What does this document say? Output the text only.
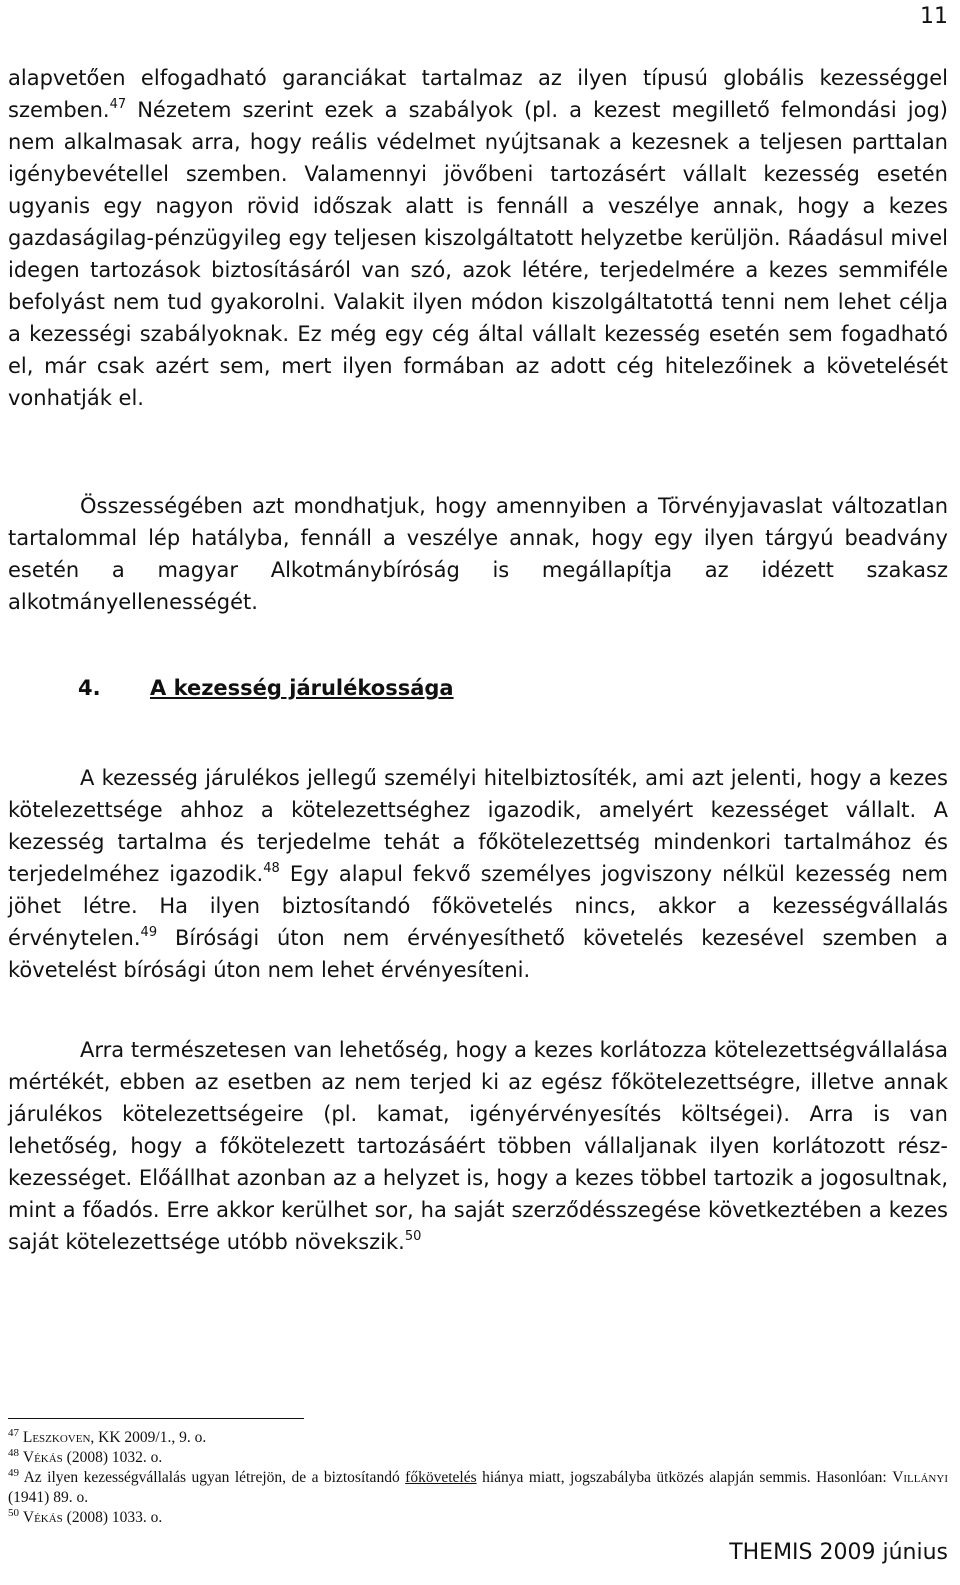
11

alapvetően elfogadható garanciákat tartalmaz az ilyen típusú globális kezességgel szemben.$^{47}$ Nézetem szerint ezek a szabályok (pl. a kezest megillető felmondási jog) nem alkalmasak arra, hogy reális védelmet nyújtsanak a kezesnek a teljesen parttalan igénybevétellel szemben. Valamennyi jövőbeni tartozásért vállalt kezesség esetén ugyanis egy nagyon rövid időszak alatt is fennáll a veszélye annak, hogy a kezes gazdaságilag-pénzügyileg egy teljesen kiszolgáltatott helyzetbe kerüljön. Ráadásul mivel idegen tartozások biztosításáról van szó, azok létére, terjedelmére a kezes semmiféle befolyást nem tud gyakorolni. Valakit ilyen módon kiszolgáltatottá tenni nem lehet célja a kezességi szabályoknak. Ez még egy cég által vállalt kezesség esetén sem fogadható el, már csak azért sem, mert ilyen formában az adott cég hitelezőinek a követelését vonhatják el.

Összességében azt mondhatjuk, hogy amennyiben a Törvényjavaslat változatlan tartalommal lép hatályba, fennáll a veszélye annak, hogy egy ilyen tárgyú beadvány esetén a magyar Alkotmánybíróság is megállapítja az idézett szakasz alkotmányellenességét.

4. A kezesség járulékossága

A kezesség járulékos jellegű személyi hitelbiztosíték, ami azt jelenti, hogy a kezes kötelezettsége ahhoz a kötelezettséghez igazodik, amelyért kezességet vállalt. A kezesség tartalma és terjedelme tehát a főkötelezettség mindenkori tartalmához és terjedelméhez igazodik.$^{48}$ Egy alapul fekvő személyes jogviszony nélkül kezesség nem jöhet létre. Ha ilyen biztosítandó főkövetelés nincs, akkor a kezességvállalás érvénytelen.$^{49}$ Bírósági úton nem érvényesíthető követelés kezesével szemben a követelést bírósági úton nem lehet érvényesíteni.

Arra természetesen van lehetőség, hogy a kezes korlátozza kötelezettségvállalása mértékét, ebben az esetben az nem terjed ki az egész főkötelezettségre, illetve annak járulékos kötelezettségeire (pl. kamat, igényérvényesítés költségei). Arra is van lehetőség, hogy a főkötelezett tartozásáért többen vállaljanak ilyen korlátozott rész-kezességet. Előállhat azonban az a helyzet is, hogy a kezes többel tartozik a jogosultnak, mint a főadós. Erre akkor kerülhet sor, ha saját szerződésszegése következtében a kezes saját kötelezettsége utóbb növekszik.$^{50}$

$^{47}$ Leszkoven, KK 2009/1., 9. o.

$^{48}$ Vékás (2008) 1032. o.

$^{49}$ Az ilyen kezességvállalás ugyan létrejön, de a biztosítandó főkövetelés hiánya miatt, jogszabályba ütközés alapján semmis. Hasonlóan: Villányi (1941) 89. o.

$^{50}$ Vékás (2008) 1033. o.

THEMIS 2009 június
